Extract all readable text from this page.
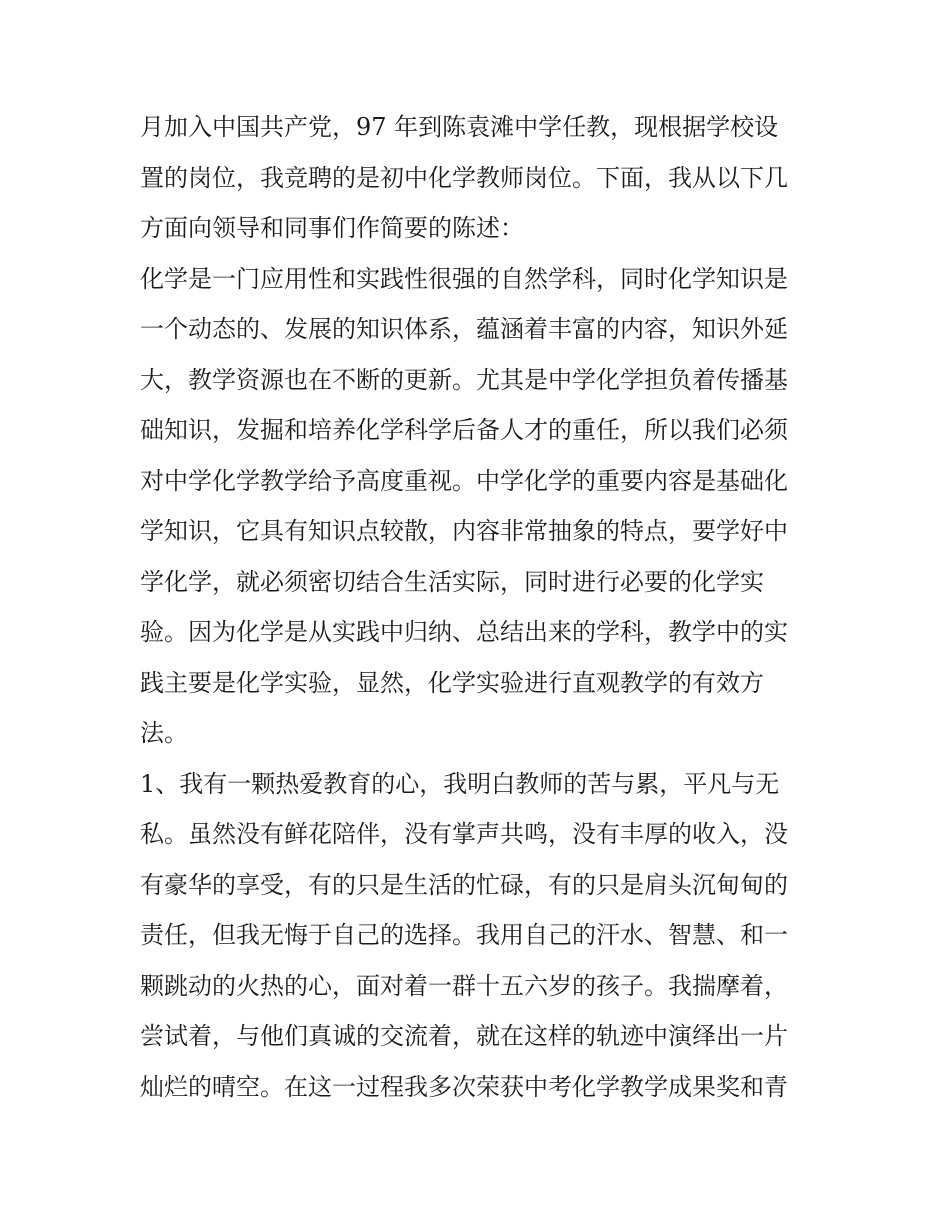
月加入中国共产党，97 年到陈袁滩中学任教，现根据学校设
置的岗位，我竞聘的是初中化学教师岗位。下面，我从以下几
方面向领导和同事们作简要的陈述：
化学是一门应用性和实践性很强的自然学科，同时化学知识是
一个动态的、发展的知识体系，蕴涵着丰富的内容，知识外延
大，教学资源也在不断的更新。尤其是中学化学担负着传播基
础知识，发掘和培养化学科学后备人才的重任，所以我们必须
对中学化学教学给予高度重视。中学化学的重要内容是基础化
学知识，它具有知识点较散，内容非常抽象的特点，要学好中
学化学，就必须密切结合生活实际，同时进行必要的化学实
验。因为化学是从实践中归纳、总结出来的学科，教学中的实
践主要是化学实验，显然，化学实验进行直观教学的有效方
法。
1、我有一颗热爱教育的心，我明白教师的苦与累，平凡与无
私。虽然没有鲜花陪伴，没有掌声共鸣，没有丰厚的收入，没
有豪华的享受，有的只是生活的忙碌，有的只是肩头沉甸甸的
责任，但我无悔于自己的选择。我用自己的汗水、智慧、和一
颗跳动的火热的心，面对着一群十五六岁的孩子。我揣摩着，
尝试着，与他们真诚的交流着，就在这样的轨迹中演绎出一片
灿烂的晴空。在这一过程我多次荣获中考化学教学成果奖和青
